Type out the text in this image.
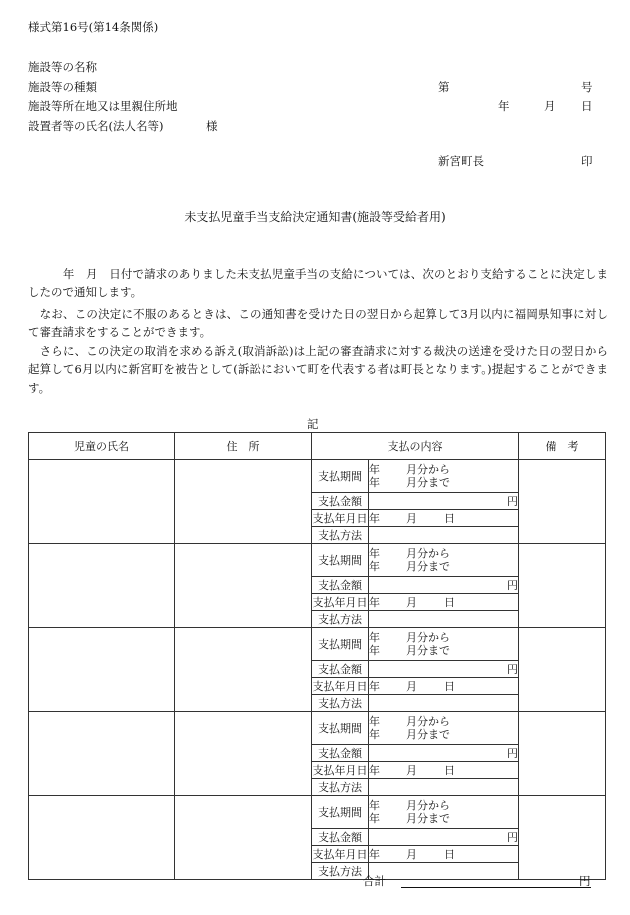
様式第16号(第14条関係)
施設等の名称
施設等の種類
施設等所在地又は里親住所地
設置者等の氏名(法人名等)	様
第	号
年	月 日
新宮町長	印
未支払児童手当支給決定通知書(施設等受給者用)
　　　年　月　日付で請求のありました未支払児童手当の支給については、次のとおり支給することに決定しましたので通知します。
　なお、この決定に不服のあるときは、この通知書を受けた日の翌日から起算して3月以内に福岡県知事に対して審査請求をすることができます。
　さらに、この決定の取消を求める訴え(取消訴訟)は上記の審査請求に対する裁決の送達を受けた日の翌日から起算して6月以内に新宮町を被告として(訴訟において町を代表する者は町長となります。)提起することができます。
記
児童の氏名	住　所	支払の内容		備　考
		支払期間	年 月分から
年 月分まで	

		支払金額	円	
		支払年月日	年 月 日	
		支払方法		
		支払期間	年 月分から
年 月分まで	

		支払金額	円	
		支払年月日	年 月 日	
		支払方法		
		支払期間	年 月分から
年 月分まで	

		支払金額	円	
		支払年月日	年 月 日	
		支払方法		
		支払期間	年 月分から
年 月分まで	

		支払金額	円	
		支払年月日	年 月 日	
		支払方法		
		支払期間	年 月分から
年 月分まで	

		支払金額	円	
		支払年月日	年 月 日	
		支払方法		
合計	円
